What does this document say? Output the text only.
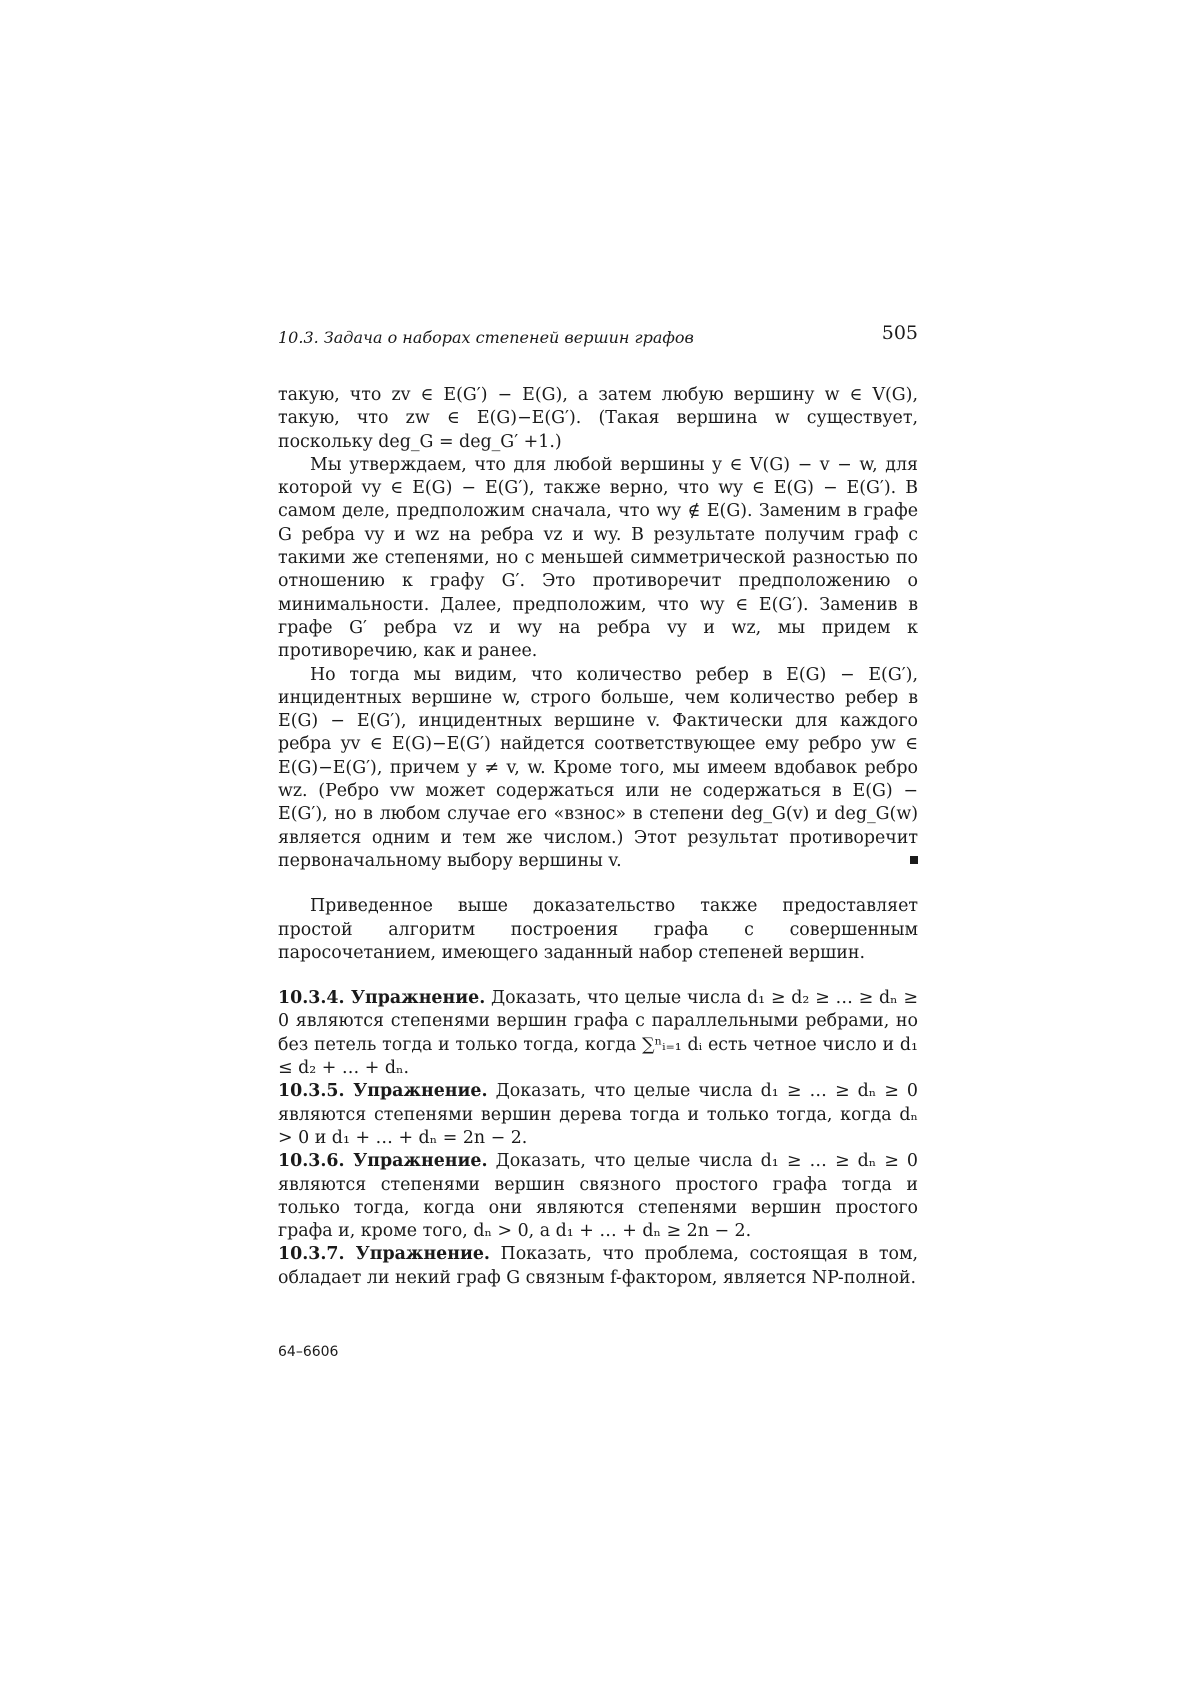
10.3. Задача о наборах степеней вершин графов	505

такую, что zv ∈ E(G′) − E(G), а затем любую вершину w ∈ V(G), такую, что zw ∈ E(G)−E(G′). (Такая вершина w существует, поскольку deg_G = deg_G′ +1.)

Мы утверждаем, что для любой вершины y ∈ V(G) − v − w, для которой vy ∈ E(G) − E(G′), также верно, что wy ∈ E(G) − E(G′). В самом деле, предположим сначала, что wy ∉ E(G). Заменим в графе G ребра vy и wz на ребра vz и wy. В результате получим граф с такими же степенями, но с меньшей симметрической разностью по отношению к графу G′. Это противоречит предположению о минимальности. Далее, предположим, что wy ∈ E(G′). Заменив в графе G′ ребра vz и wy на ребра vy и wz, мы придем к противоречию, как и ранее.

Но тогда мы видим, что количество ребер в E(G) − E(G′), инцидентных вершине w, строго больше, чем количество ребер в E(G) − E(G′), инцидентных вершине v. Фактически для каждого ребра yv ∈ E(G)−E(G′) найдется соответствующее ему ребро yw ∈ E(G)−E(G′), причем y ≠ v, w. Кроме того, мы имеем вдобавок ребро wz. (Ребро vw может содержаться или не содержаться в E(G) − E(G′), но в любом случае его «взнос» в степени deg_G(v) и deg_G(w) является одним и тем же числом.) Этот результат противоречит первоначальному выбору вершины v.

Приведенное выше доказательство также предоставляет простой алгоритм построения графа с совершенным паросочетанием, имеющего заданный набор степеней вершин.

10.3.4. Упражнение. Доказать, что целые числа d₁ ≥ d₂ ≥ … ≥ dₙ ≥ 0 являются степенями вершин графа с параллельными ребрами, но без петель тогда и только тогда, когда ∑ⁿᵢ₌₁ dᵢ есть четное число и d₁ ≤ d₂ + … + dₙ.

10.3.5. Упражнение. Доказать, что целые числа d₁ ≥ … ≥ dₙ ≥ 0 являются степенями вершин дерева тогда и только тогда, когда dₙ > 0 и d₁ + … + dₙ = 2n − 2.

10.3.6. Упражнение. Доказать, что целые числа d₁ ≥ … ≥ dₙ ≥ 0 являются степенями вершин связного простого графа тогда и только тогда, когда они являются степенями вершин простого графа и, кроме того, dₙ > 0, а d₁ + … + dₙ ≥ 2n − 2.

10.3.7. Упражнение. Показать, что проблема, состоящая в том, обладает ли некий граф G связным f-фактором, является NP-полной.

64–6606
